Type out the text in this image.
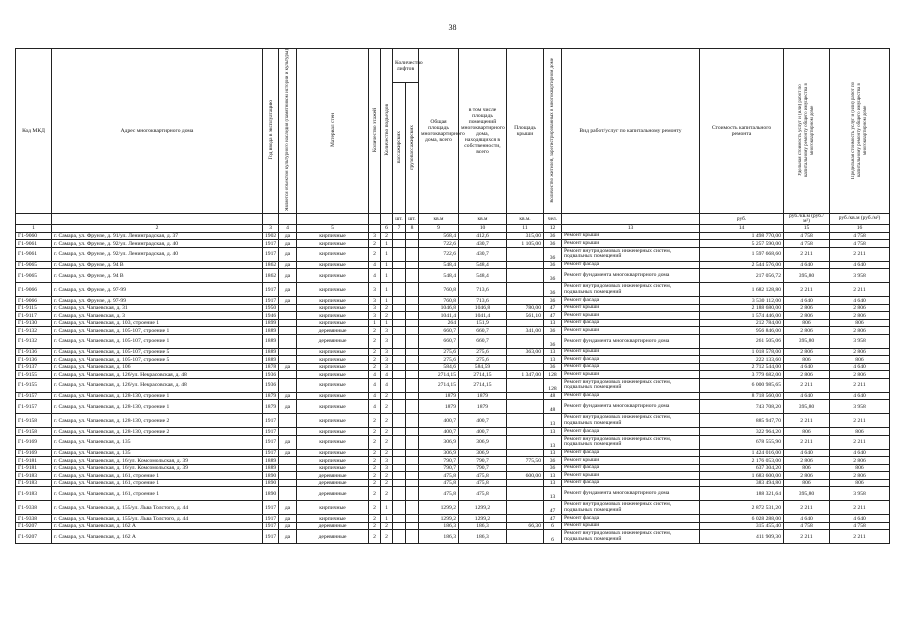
38
Код МКД	Адрес многоквартирного дома	Год ввода в эксплуатацию	Является объектом культурного наследия (памятником истории и культуры)	Материал стен	Количество этажей	Количество подъездов	Количество лифтов		Общая площадь многоквартирного дома, всего	в том числе площадь помещений многоквартирного дома, находящихся в собственности, всего	Площадь крыши	Количество жителей, зарегистрированных в многоквартирном доме	Вид работ/услуг по капитальному ремонту	Стоимость капитального ремонта	Удельная стоимость услуг и (или) работ по капитальному ремонту общего имущества в многоквартирном доме	Предельная стоимость услуг и (или) работ по капитальному ремонту общего имущества в многоквартирном доме
							пассажирских	грузопассажирских								
							шт.	шт.	кв.м	кв.м	кв.м.	чел.		руб.	руб./кв.м (руб./м²)	руб./кв.м (руб./м²)
1	2	3	4	5		6	7	8	9	10	11	12	13	14	15	16
Г1-9060	г. Самара, ул. Фрунзе, д. 91/ул. Ленинградская, д. 37	1902	да	кирпичные	3	2			568,4	412,6	315,00	36	Ремонт крыши	1 498 770,00	4 758	4 758
Г1-9061	г. Самара, ул. Фрунзе, д. 92/ул. Ленинградская, д. 40	1917	да	кирпичные	2	1			722,6	430,7	1 105,00	36	Ремонт крыши	5 257 590,00	4 758	4 758
Г1-9061	г. Самара, ул. Фрунзе, д. 92/ул. Ленинградская, д. 40	1917	да	кирпичные	2	1			722,6	430,7		36	Ремонт внутридомовых инженерных систем, подвальных помещений	1 597 668,60	2 211	2 211
Г1-9065	г. Самара, ул. Фрунзе, д. 94 В	1862	да	кирпичные	4	1			548,4	548,4		36	Ремонт фасада	2 544 576,00	4 640	4 640
Г1-9065	г. Самара, ул. Фрунзе, д. 94 В	1862	да	кирпичные	4	1			548,4	548,4		36	Ремонт фундамента многоквартирного дома	217 056,72	395,80	3 958
Г1-9066	г. Самара, ул. Фрунзе, д. 97-99	1917	да	кирпичные	3	1			760,8	713,6		36	Ремонт внутридомовых инженерных систем, подвальных помещений	1 682 128,80	2 211	2 211
Г1-9066	г. Самара, ул. Фрунзе, д. 97-99	1917	да	кирпичные	3	1			760,8	713,6		36	Ремонт фасада	3 530 112,00	4 640	4 640
Г1-9115	г. Самара, ул. Чапаевская, д. 31	1950		кирпичные	3	2			1046,8	1046,8	780,00	47	Ремонт крыши	2 188 680,00	2 806	2 806
Г1-9117	г. Самара, ул. Чапаевская, д. 3	1946		кирпичные	3	2			1041,4	1041,4	561,10	47	Ремонт крыши	1 574 446,00	2 806	2 806
Г1-9130	г. Самара, ул. Чапаевская, д. 103, строение 1	1899		кирпичные	1	1			264	151,9		13	Ремонт фасада	212 784,00	806	806
Г1-9132	г. Самара, ул. Чапаевская, д. 105-107, строение 1	1889		деревянные	2	3			660,7	660,7	341,00	36	Ремонт крыши	956 846,00	2 806	2 806
Г1-9132	г. Самара, ул. Чапаевская, д. 105-107, строение 1	1889		деревянные	2	3			660,7	660,7		36	Ремонт фундамента многоквартирного дома	261 505,06	395,80	3 958
Г1-9136	г. Самара, ул. Чапаевская, д. 105-107, строение 5	1889		кирпичные	2	3			275,6	275,6	363,00	13	Ремонт крыши	1 018 578,00	2 806	2 806
Г1-9136	г. Самара, ул. Чапаевская, д. 105-107, строение 5	1889		кирпичные	2	3			275,6	275,6		13	Ремонт фасада	222 133,60	806	806
Г1-9137	г. Самара, ул. Чапаевская, д. 106	1878	да	кирпичные	2	3			584,6	584,59		36	Ремонт фасада	2 712 544,00	4 640	4 640
Г1-9155	г. Самара, ул. Чапаевская, д. 126/ул. Некрасовская, д. 48	1936		кирпичные	4	4			2714,15	2714,15	1 347,00	128	Ремонт крыши	3 779 682,00	2 806	2 806
Г1-9155	г. Самара, ул. Чапаевская, д. 126/ул. Некрасовская, д. 48	1936		кирпичные	4	4			2714,15	2714,15		128	Ремонт внутридомовых инженерных систем, подвальных помещений	6 000 985,65	2 211	2 211
Г1-9157	г. Самара, ул. Чапаевская, д. 128-130, строение 1	1879	да	кирпичные	4	2			1879	1879		48	Ремонт фасада	8 718 560,00	4 640	4 640
Г1-9157	г. Самара, ул. Чапаевская, д. 128-130, строение 1	1879	да	кирпичные	4	2			1879	1879		48	Ремонт фундамента многоквартирного дома	743 708,20	395,80	3 958
Г1-9158	г. Самара, ул. Чапаевская, д. 128-130, строение 2	1917		кирпичные	2	2			400,7	400,7		13	Ремонт внутридомовых инженерных систем, подвальных помещений	885 947,70	2 211	2 211
Г1-9158	г. Самара, ул. Чапаевская, д. 128-130, строение 2	1917		кирпичные	2	2			400,7	400,7		13	Ремонт фасада	322 964,20	806	806
Г1-9169	г. Самара, ул. Чапаевская, д. 135	1917	да	кирпичные	2	2			306,9	306,9		13	Ремонт внутридомовых инженерных систем, подвальных помещений	678 555,90	2 211	2 211
Г1-9169	г. Самара, ул. Чапаевская, д. 135	1917	да	кирпичные	2	2			306,9	306,9		13	Ремонт фасада	1 424 016,00	4 640	4 640
Г1-9181	г. Самара, ул. Чапаевская, д. 16/ул. Комсомольская, д. 39	1889		кирпичные	2	3			790,7	790,7	775,50	36	Ремонт крыши	2 176 053,00	2 806	2 806
Г1-9181	г. Самара, ул. Чапаевская, д. 16/ул. Комсомольская, д. 39	1889		кирпичные	2	3			790,7	790,7		36	Ремонт фасада	637 304,20	806	806
Г1-9183	г. Самара, ул. Чапаевская, д. 161, строение 1	1890		деревянные	2	2			475,8	475,8	600,00	13	Ремонт крыши	1 683 600,00	2 806	2 806
Г1-9183	г. Самара, ул. Чапаевская, д. 161, строение 1	1890		деревянные	2	2			475,8	475,8		13	Ремонт фасада	383 494,80	806	806
Г1-9183	г. Самара, ул. Чапаевская, д. 161, строение 1	1890		деревянные	2	2			475,8	475,8		13	Ремонт фундамента многоквартирного дома	188 321,64	395,80	3 958
Г1-9338	г. Самара, ул. Чапаевская, д. 155/ул. Льва Толстого, д. 44	1917	да	кирпичные	2	1			1299,2	1299,2		47	Ремонт внутридомовых инженерных систем, подвальных помещений	2 872 531,20	2 211	2 211
Г1-9338	г. Самара, ул. Чапаевская, д. 155/ул. Льва Толстого, д. 44	1917	да	кирпичные	2	1			1299,2	1299,2		47	Ремонт фасада	6 028 288,00	4 640	4 640
Г1-9207	г. Самара, ул. Чапаевская, д. 162 А	1917	да	деревянные	2	2			186,3	186,3	66,30	6	Ремонт крыши	315 455,40	4 758	4 758
Г1-9207	г. Самара, ул. Чапаевская, д. 162 А	1917	да	деревянные	2	2			186,3	186,3		6	Ремонт внутридомовых инженерных систем, подвальных помещений	411 909,30	2 211	2 211
